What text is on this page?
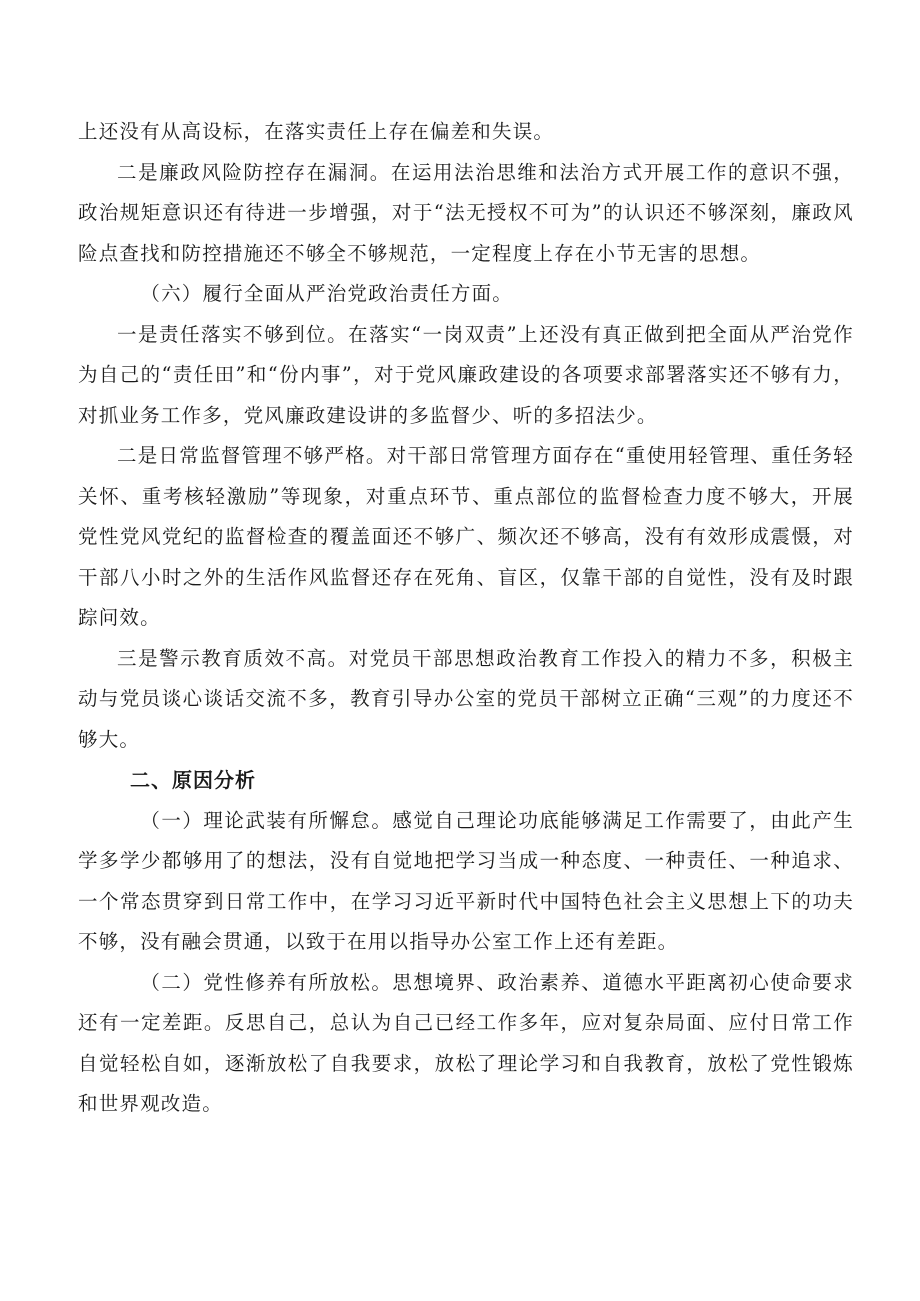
上还没有从高设标，在落实责任上存在偏差和失误。

二是廉政风险防控存在漏洞。在运用法治思维和法治方式开展工作的意识不强，政治规矩意识还有待进一步增强，对于“法无授权不可为”的认识还不够深刻，廉政风险点查找和防控措施还不够全不够规范，一定程度上存在小节无害的思想。

（六）履行全面从严治党政治责任方面。

一是责任落实不够到位。在落实“一岗双责”上还没有真正做到把全面从严治党作为自己的“责任田”和“份内事”，对于党风廉政建设的各项要求部署落实还不够有力，对抓业务工作多，党风廉政建设讲的多监督少、听的多招法少。

二是日常监督管理不够严格。对干部日常管理方面存在“重使用轻管理、重任务轻关怀、重考核轻激励”等现象，对重点环节、重点部位的监督检查力度不够大，开展党性党风党纪的监督检查的覆盖面还不够广、频次还不够高，没有有效形成震慑，对干部八小时之外的生活作风监督还存在死角、盲区，仅靠干部的自觉性，没有及时跟踪问效。

三是警示教育质效不高。对党员干部思想政治教育工作投入的精力不多，积极主动与党员谈心谈话交流不多，教育引导办公室的党员干部树立正确“三观”的力度还不够大。

二、原因分析

（一）理论武装有所懈怠。感觉自己理论功底能够满足工作需要了，由此产生学多学少都够用了的想法，没有自觉地把学习当成一种态度、一种责任、一种追求、一个常态贯穿到日常工作中，在学习习近平新时代中国特色社会主义思想上下的功夫不够，没有融会贯通，以致于在用以指导办公室工作上还有差距。

（二）党性修养有所放松。思想境界、政治素养、道德水平距离初心使命要求还有一定差距。反思自己，总认为自己已经工作多年，应对复杂局面、应付日常工作自觉轻松自如，逐渐放松了自我要求，放松了理论学习和自我教育，放松了党性锻炼和世界观改造。
